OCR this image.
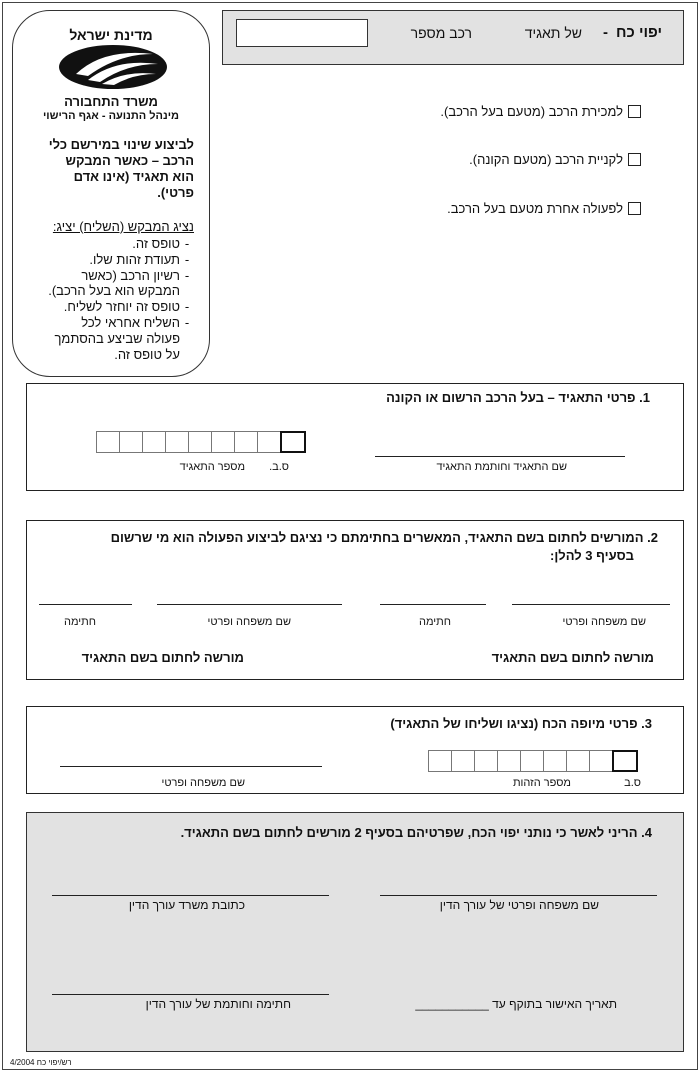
יפוי כח
-
של תאגיד
רכב מספר
מדינת ישראל
משרד התחבורה
מינהל התנועה - אגף הרישוי
לביצוע שינוי במירשם כלי
הרכב – כאשר המבקש
הוא תאגיד (אינו אדם
פרטי).
נציג המבקש (השליח) יציג:
-
טופס זה.
-
תעודת זהות שלו.
-
רשיון הרכב (כאשר
המבקש הוא בעל הרכב).
-
טופס זה יוחזר לשליח.
-
השליח אחראי לכל
פעולה שביצע בהסתמך
על טופס זה.
למכירת הרכב (מטעם בעל הרכב).
לקניית הרכב (מטעם הקונה).
לפעולה אחרת מטעם בעל הרכב.
1. פרטי התאגיד – בעל הרכב הרשום או הקונה
שם התאגיד וחותמת התאגיד
ס.ב.
מספר התאגיד
2. המורשים לחתום בשם התאגיד, המאשרים בחתימתם כי נציגם לביצוע הפעולה הוא מי שרשום
בסעיף 3 להלן:
שם משפחה ופרטי
חתימה
שם משפחה ופרטי
חתימה
מורשה לחתום בשם התאגיד
מורשה לחתום בשם התאגיד
3. פרטי מיופה הכח (נציגו ושליחו של התאגיד)
ס.ב
מספר הזהות
שם משפחה ופרטי
4. הריני לאשר כי נותני יפוי הכח, שפרטיהם בסעיף 2 מורשים לחתום בשם התאגיד.
שם משפחה ופרטי של עורך הדין
כתובת משרד עורך הדין
תאריך האישור בתוקף עד ___________
חתימה וחותמת של עורך הדין
רש/יפוי כח 4/2004
